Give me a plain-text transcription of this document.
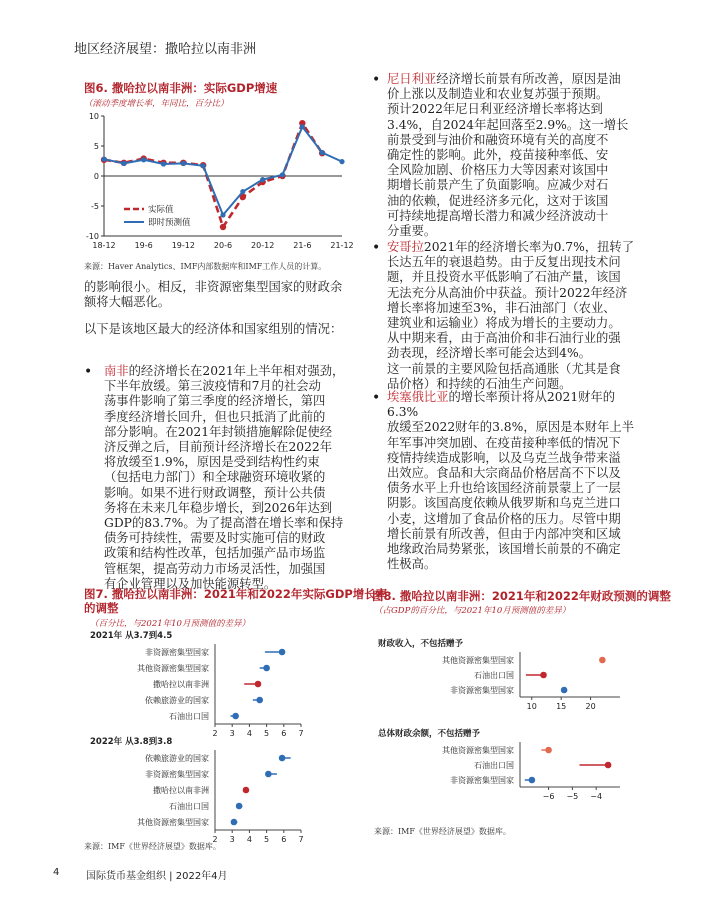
地区经济展望：撒哈拉以南非洲
图6. 撒哈拉以南非洲：实际GDP增速
（滚动季度增长率，年同比，百分比）
-10
-5
0
5
10
18-12 19-6 19-12 20-6 20-12 21-6 21-12
实际值
即时预测值
来源：Haver Analytics、IMF内部数据库和IMF工作人员的计算。
的影响很小。相反，非资源密集型国家的财政余额将大幅恶化。
以下是该地区最大的经济体和国家组别的情况：
• 南非的经济增长在2021年上半年相对强劲，
下半年放缓。第三波疫情和7月的社会动
荡事件影响了第三季度的经济增长，第四
季度经济增长回升，但也只抵消了此前的
部分影响。在2021年封锁措施解除促使经
济反弹之后，目前预计经济增长在2022年
将放缓至1.9%，原因是受到结构性约束
（包括电力部门）和全球融资环境收紧的
影响。如果不进行财政调整，预计公共债
务将在未来几年稳步增长，到2026年达到
GDP的83.7%。为了提高潜在增长率和保持
债务可持续性，需要及时实施可信的财政
政策和结构性改革，包括加强产品市场监
管框架，提高劳动力市场灵活性，加强国
有企业管理以及加快能源转型。
• 尼日利亚经济增长前景有所改善，原因是油
价上涨以及制造业和农业复苏强于预期。
预计2022年尼日利亚经济增长率将达到
3.4%，自2024年起回落至2.9%。这一增长
前景受到与油价和融资环境有关的高度不
确定性的影响。此外，疫苗接种率低、安
全风险加剧、价格压力大等因素对该国中
期增长前景产生了负面影响。应减少对石
油的依赖，促进经济多元化，这对于该国
可持续地提高增长潜力和减少经济波动十
分重要。
• 安哥拉2021年的经济增长率为0.7%，扭转了
长达五年的衰退趋势。由于反复出现技术问
题，并且投资水平低影响了石油产量，该国
无法充分从高油价中获益。预计2022年经济
增长率将加速至3%，非石油部门（农业、
建筑业和运输业）将成为增长的主要动力。
从中期来看，由于高油价和非石油行业的强
劲表现，经济增长率可能会达到4%。
这一前景的主要风险包括高通胀（尤其是食
品价格）和持续的石油生产问题。
• 埃塞俄比亚的增长率预计将从2021财年的6.3%
放缓至2022财年的3.8%，原因是本财年上半
年军事冲突加剧、在疫苗接种率低的情况下
疫情持续造成影响，以及乌克兰战争带来溢
出效应。食品和大宗商品价格居高不下以及
债务水平上升也给该国经济前景蒙上了一层
阴影。该国高度依赖从俄罗斯和乌克兰进口
小麦，这增加了食品价格的压力。尽管中期
增长前景有所改善，但由于内部冲突和区域
地缘政治局势紧张，该国增长前景的不确定
性极高。
图7. 撒哈拉以南非洲：2021年和2022年实际GDP增长率
的调整
（百分比，与2021年10月预测值的差异）
2021年 从3.7到4.5
非资源密集型国家
其他资源密集型国家
撒哈拉以南非洲
依赖旅游业的国家
石油出口国
2 3 4 5 6 7
2022年 从3.8到3.8
依赖旅游业的国家
非资源密集型国家
撒哈拉以南非洲
石油出口国
其他资源密集型国家
2 3 4 5 6 7
来源：IMF《世界经济展望》数据库。
图8. 撒哈拉以南非洲：2021年和2022年财政预测的调整
（占GDP的百分比，与2021年10月预测值的差异）
财政收入，不包括赠予
其他资源密集型国家
石油出口国
非资源密集型国家
10 15 20
总体财政余额，不包括赠予
其他资源密集型国家
石油出口国
非资源密集型国家
−6 −5 −4
来源：IMF《世界经济展望》数据库。
4	国际货币基金组织 | 2022年4月
